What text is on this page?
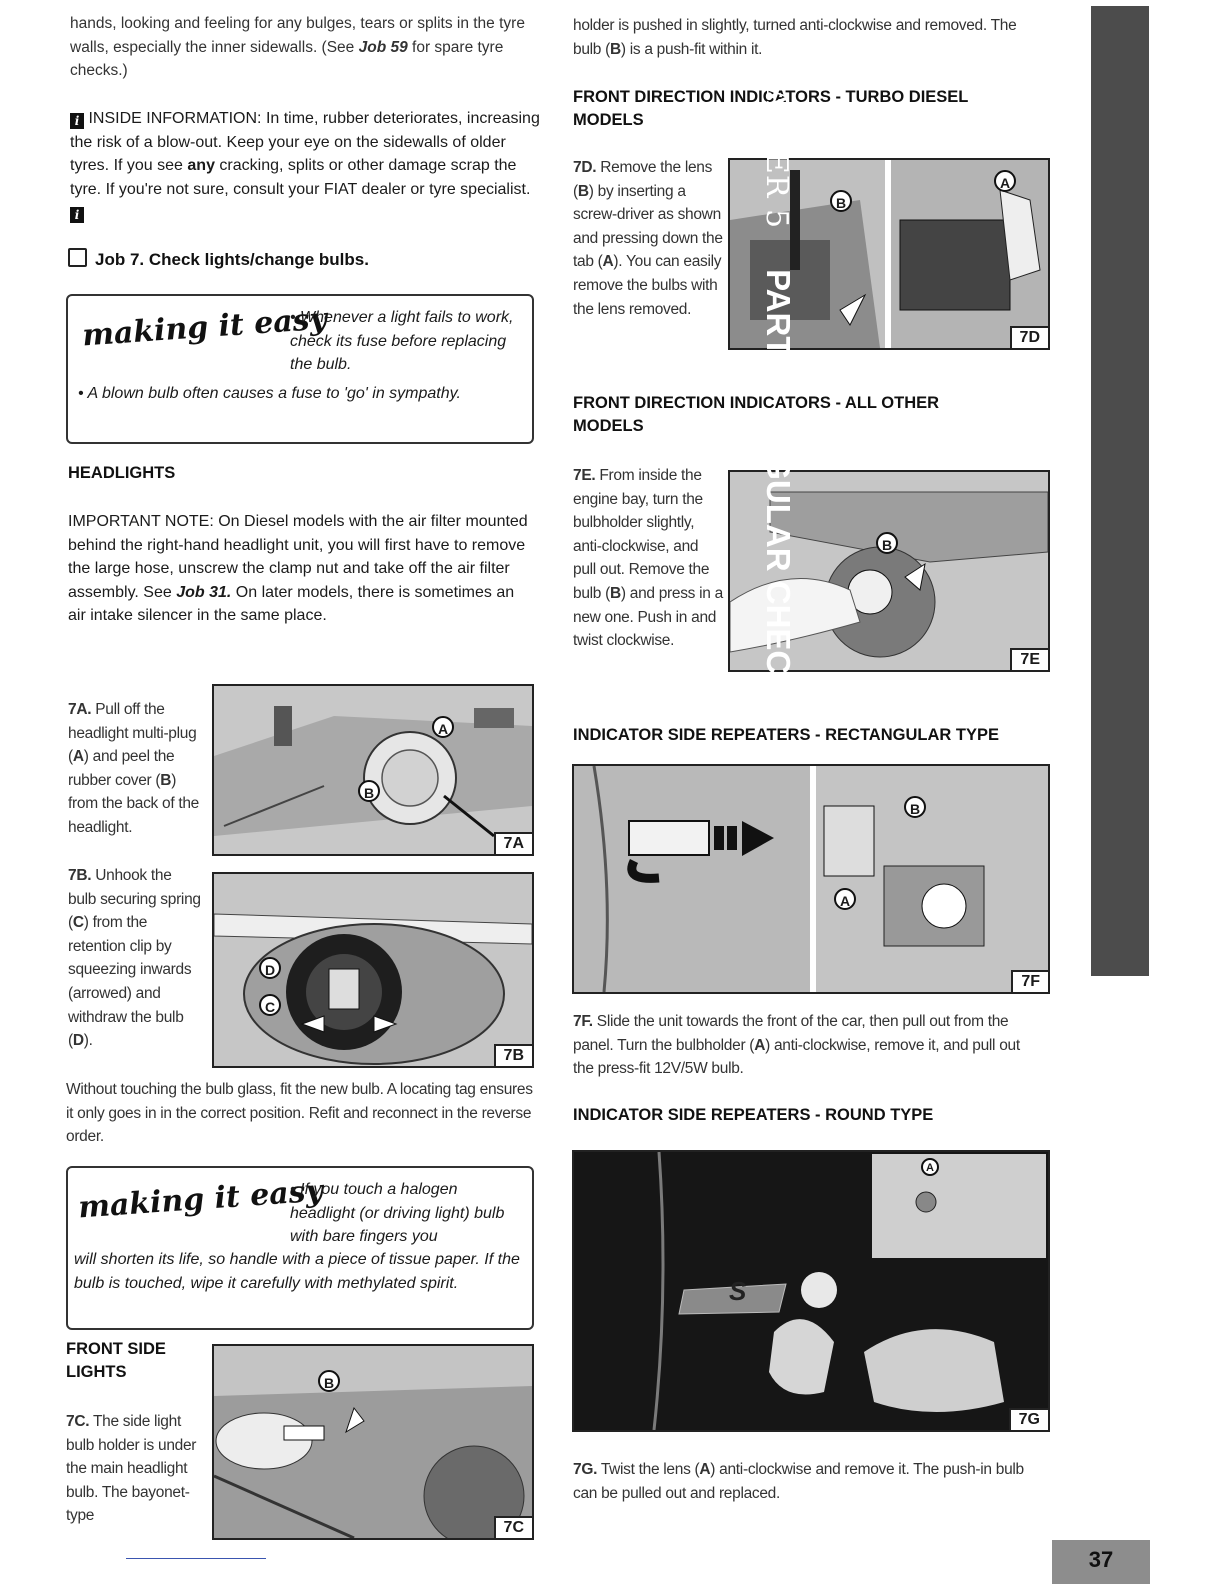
hands, looking and feeling for any bulges, tears or splits in the tyre walls, especially the inner sidewalls. (See Job 59 for spare tyre checks.)
i INSIDE INFORMATION: In time, rubber deteriorates, increasing the risk of a blow-out. Keep your eye on the sidewalls of older tyres. If you see any cracking, splits or other damage scrap the tyre. If you're not sure, consult your FIAT dealer or tyre specialist. i
Job 7. Check lights/change bulbs.
making it easy
• Whenever a light fails to work, check its fuse before replacing the bulb.
• A blown bulb often causes a fuse to 'go' in sympathy.
HEADLIGHTS
IMPORTANT NOTE: On Diesel models with the air filter mounted behind the right-hand headlight unit, you will first have to remove the large hose, unscrew the clamp nut and take off the air filter assembly. See Job 31. On later models, there is sometimes an air intake silencer in the same place.
7A. Pull off the headlight multi-plug (A) and peel the rubber cover (B) from the back of the headlight.
A
B
7A
7B. Unhook the bulb securing spring (C) from the retention clip by squeezing inwards (arrowed) and withdraw the bulb (D).
D
C
7B
Without touching the bulb glass, fit the new bulb. A locating tag ensures it only goes in in the correct position. Refit and reconnect in the reverse order.
making it easy
• If you touch a halogen headlight (or driving light) bulb with bare fingers you
will shorten its life, so handle with a piece of tissue paper. If the bulb is touched, wipe it carefully with methylated spirit.
FRONT SIDE LIGHTS
7C. The side light bulb holder is under the main headlight bulb. The bayonet-type
B
7C
holder is pushed in slightly, turned anti-clockwise and removed. The bulb (B) is a push-fit within it.
FRONT DIRECTION INDICATORS - TURBO DIESEL MODELS
7D. Remove the lens (B) by inserting a screw-driver as shown and pressing down the tab (A). You can easily remove the bulbs with the lens removed.
B
A
7D
FRONT DIRECTION INDICATORS - ALL OTHER MODELS
7E. From inside the engine bay, turn the bulbholder slightly, anti-clockwise, and pull out. Remove the bulb (B) and press in a new one. Push in and twist clockwise.
B
7E
INDICATOR SIDE REPEATERS - RECTANGULAR TYPE
B
A
7F
7F. Slide the unit towards the front of the car, then pull out from the panel. Turn the bulbholder (A) anti-clockwise, remove it, and pull out the press-fit 12V/5W bulb.
INDICATOR SIDE REPEATERS - ROUND TYPE
S
A
7G
7G. Twist the lens (A) anti-clockwise and remove it. The push-in bulb can be pulled out and replaced.
CHAPTER 5PART A: REGULAR CHECKS
37
